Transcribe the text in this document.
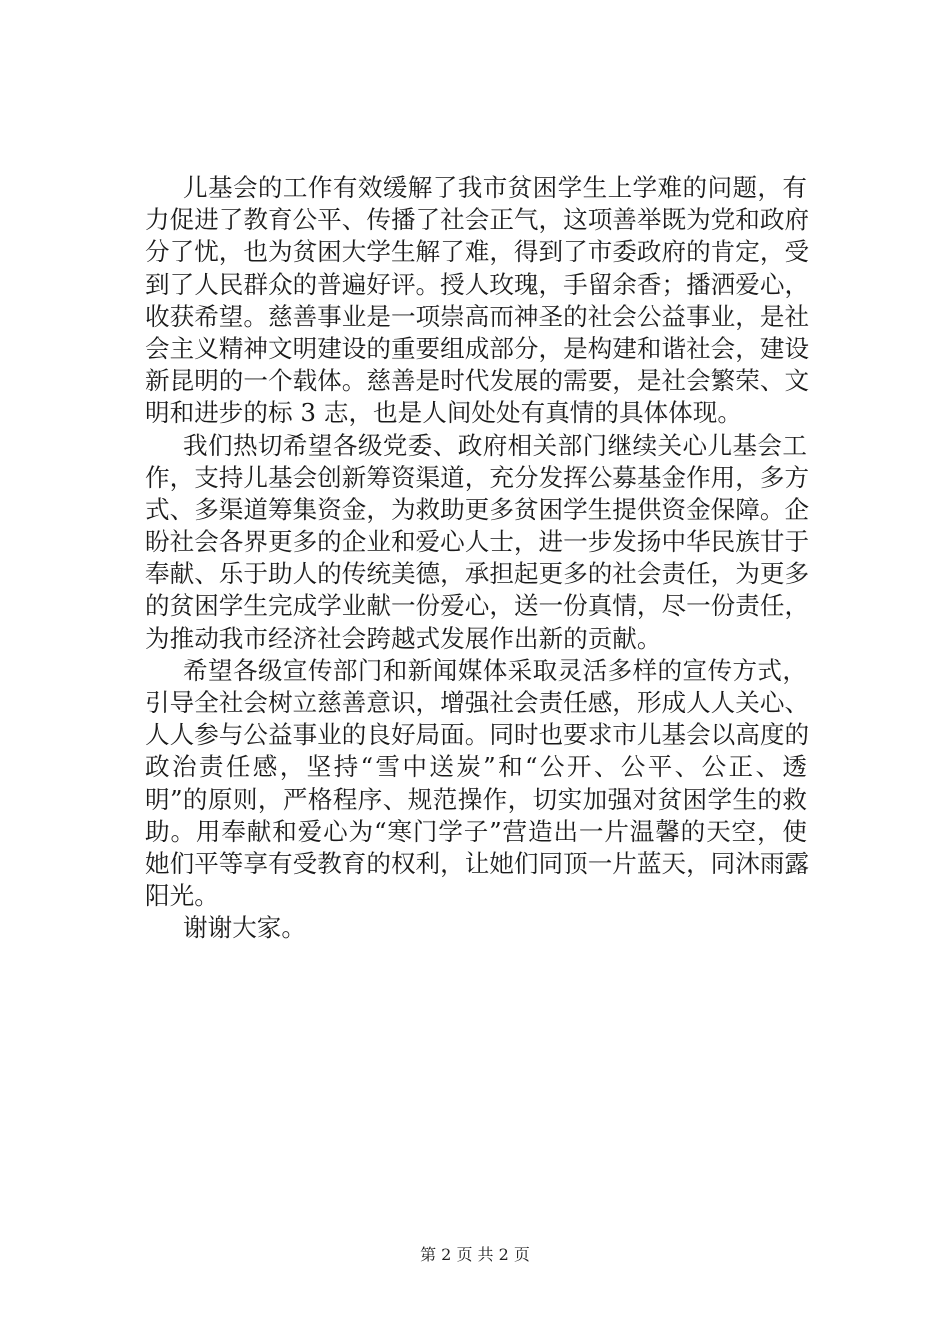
儿基会的工作有效缓解了我市贫困学生上学难的问题，有
力促进了教育公平、传播了社会正气，这项善举既为党和政府
分了忧，也为贫困大学生解了难，得到了市委政府的肯定，受
到了人民群众的普遍好评。授人玫瑰，手留余香；播洒爱心，
收获希望。慈善事业是一项崇高而神圣的社会公益事业，是社
会主义精神文明建设的重要组成部分，是构建和谐社会，建设
新昆明的一个载体。慈善是时代发展的需要，是社会繁荣、文
明和进步的标 3 志，也是人间处处有真情的具体体现。
我们热切希望各级党委、政府相关部门继续关心儿基会工
作，支持儿基会创新筹资渠道，充分发挥公募基金作用，多方
式、多渠道筹集资金，为救助更多贫困学生提供资金保障。企
盼社会各界更多的企业和爱心人士，进一步发扬中华民族甘于
奉献、乐于助人的传统美德，承担起更多的社会责任，为更多
的贫困学生完成学业献一份爱心，送一份真情，尽一份责任，
为推动我市经济社会跨越式发展作出新的贡献。
希望各级宣传部门和新闻媒体采取灵活多样的宣传方式，
引导全社会树立慈善意识，增强社会责任感，形成人人关心、
人人参与公益事业的良好局面。同时也要求市儿基会以高度的
政治责任感，坚持“雪中送炭”和“公开、公平、公正、透
明”的原则，严格程序、规范操作，切实加强对贫困学生的救
助。用奉献和爱心为“寒门学子”营造出一片温馨的天空，使
她们平等享有受教育的权利，让她们同顶一片蓝天，同沐雨露
阳光。
谢谢大家。
第 2 页 共 2 页
